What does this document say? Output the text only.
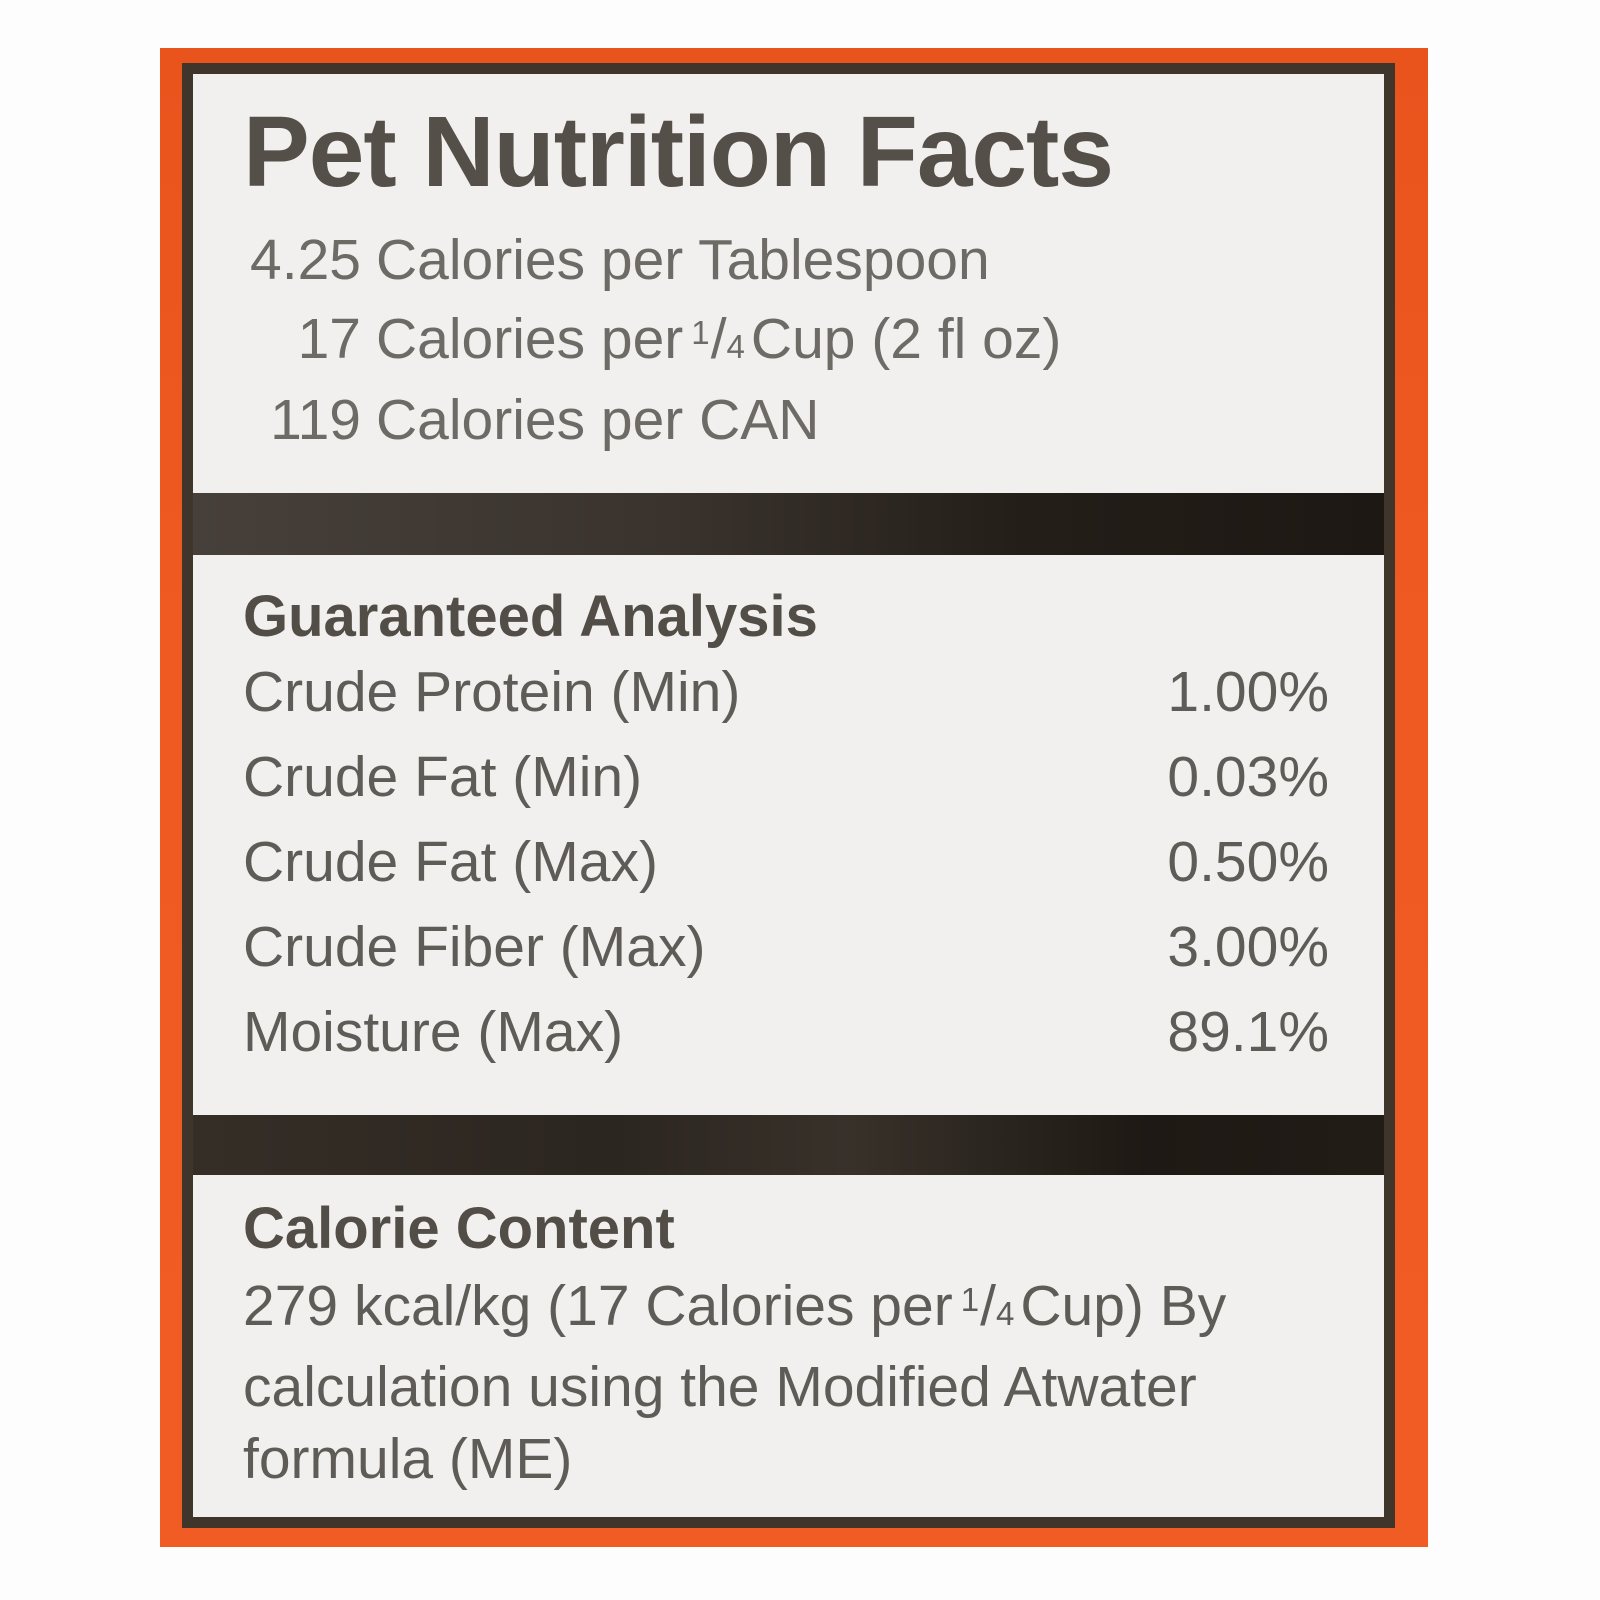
Pet Nutrition Facts
4.25 Calories per Tablespoon
17 Calories per $^1$/4 Cup (2 fl oz)
119 Calories per CAN
Guaranteed Analysis
Crude Protein (Min)	1.00%
Crude Fat (Min)	0.03%
Crude Fat (Max)	0.50%
Crude Fiber (Max)	3.00%
Moisture (Max)	89.1%
Calorie Content

279 kcal/kg (17 Calories per $^1$/4 Cup) By calculation using the Modified Atwater formula (ME)
